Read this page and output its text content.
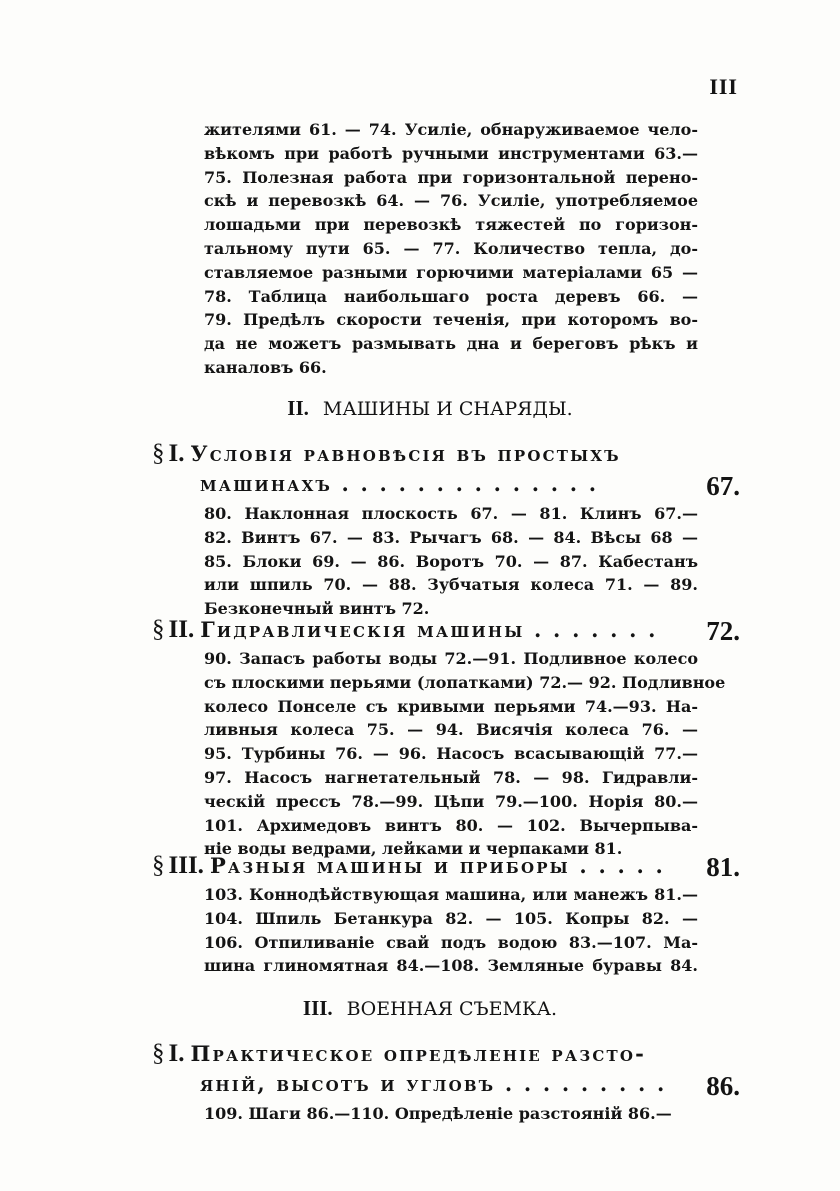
III
жителями 61. — 74. Усиліе, обнаруживаемое чело-
вѣкомъ при работѣ ручными инструментами 63.—
75. Полезная работа при горизонтальной перено-
скѣ и перевозкѣ 64. — 76. Усиліе, употребляемое
лошадьми при перевозкѣ тяжестей по горизон-
тальному пути 65. — 77. Количество тепла, до-
ставляемое разными горючими матеріалами 65 —
78. Таблица наибольшаго роста деревъ 66. —
79. Предѣлъ скорости теченія, при которомъ во-
да не можетъ размывать дна и береговъ рѣкъ и
каналовъ 66.
II. МАШИНЫ И СНАРЯДЫ.
§ I. Условія равновѣсія въ простыхъ
машинахъ . . . . . . . . . . . . . .	67.
80. Наклонная плоскость 67. — 81. Клинъ 67.—
82. Винтъ 67. — 83. Рычагъ 68. — 84. Вѣсы 68 —
85. Блоки 69. — 86. Воротъ 70. — 87. Кабестанъ
или шпиль 70. — 88. Зубчатыя колеса 71. — 89.
Безконечный винтъ 72.
§ II. Гидравлическія машины . . . . . . . 72.
90. Запасъ работы воды 72.—91. Подливное колесо
съ плоскими перьями (лопатками) 72.— 92. Подливное
колесо Понселе съ кривыми перьями 74.—93. На-
ливныя колеса 75. — 94. Висячія колеса 76. —
95. Турбины 76. — 96. Насосъ всасывающій 77.—
97. Насосъ нагнетательный 78. — 98. Гидравли-
ческій прессъ 78.—99. Цѣпи 79.—100. Норія 80.—
101. Архимедовъ винтъ 80. — 102. Вычерпыва-
ніе воды ведрами, лейками и черпаками 81.
§ III. Разныя машины и приборы . . . . . 81.
103. Коннодѣйствующая машина, или манежъ 81.—
104. Шпиль Бетанкура 82. — 105. Копры 82. —
106. Отпиливаніе свай подъ водою 83.—107. Ма-
шина глиномятная 84.—108. Земляные буравы 84.
III. ВОЕННАЯ СЪЕМКА.
§ I. Практическое опредѣленіе разсто-
яній, высотъ и угловъ . . . . . . . . . 86.
109. Шаги 86.—110. Опредѣленіе разстояній 86.—
